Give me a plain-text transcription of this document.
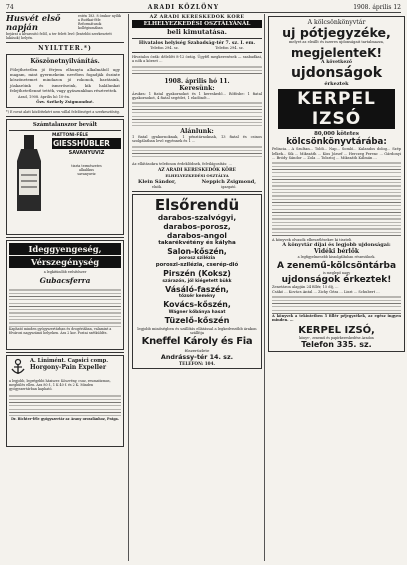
74	ARADI KÖZLÖNY	1908. április 12
Husvét első napján
estén 183. 8 órakor nyílik a Ruttkai-féle Reformátusok kollégiumában
bejárat a klvarositó felől, a ter felett levő (lentebbi szerkesztett lakások) helyén.
NYILTTER.*)
Köszönetnyilvánítás.
Fölejthetetlen jó férjem elhunyta alkalmából ugy magam, mint gyermekeim nevében fogadják őszinte köszönetemet mindazon jó rokonok, barátaink, jóakaróink és ismerőseink, kik halálunkat felejthetetlenné tették, vagy gyászunkban résztvettek.
Arad, 1908. április hó 10-én.
Özv. Székely Zsigmondné.
*) E rovat alatt közlöttekért nem vállal felelősséget a szerkesztőség.
Számtalanszor bevált
MATTONI-FÉLE
GIESSHÜBLER
SAVANYUVIZ
tiszta természetes
alkalikus
savanyuviz
Ideggyengeség,
Vérszegénység
a legkitünőbb erősítőszer
Gubacsferra
Kapható minden gyógyszertárban és drogériában, valamint a fővárosi nagyszámú helyeken. Ára 2 kor. Postai szétküldés.
A. Linimént. Capsici comp.
Horgony-Pain Expeller
a legjobb, legrégebbi háziszer. Köszvény, csuz, reumatizmus, meghülés ellen. Ára 80 f., 1 K 40 f. és 2 K. Minden gyógyszertárban kapható.
Dr. Richter-féle gyógyszertár az Arany oroszlánhoz, Prága.
AZ ARADI KERESKEDŐK KÖRE
ELHELYEZKEDÉSI OSZTÁLYÁNÁL
beli kimutatása.
Hivatalos helyiség Szabadság-tér 7. sz. I. em.
Telefon 294. sz.	Telefon 294. sz.
Hivatalos órák: délelőtt 8-12 óráig. Ügyfél megkeresések — szabadkai, a nők a körzet ...
1908. április hó 11.
Keresünk:
Árukra: 1 fiatal gyakornokot és 1 kereskedő... Rőfösbe: 1 fiatal gyakornokot, 4 fiatal segédet, 1 eladónőt...
Alánlunk:
1 fiatal gyakornoknak, 1 pénztárnoknak, 13 fiatal és csinos szolgálatban levő egyénnek és 1 ...
Az ellátásokra telefonon érdeklődnek, felvilágosítás: ...
AZ ARADI KERESKEDŐK KÖRE
ELHELYEZKEDÉSI OSZTÁLYA
Klein Sándor,
elnök.
Neppich Zsigmond,
igazgató.
Elsőrendü
darabos-szalvógyi,
darabos-porosz,
darabos-angol
takarékvétény és kályha
Salon-kőszén,
porosz szilézia
poroszi-szilézia, cserép-dió
Pirszén (Koksz)
szárazón, jól kiégetett bükk
Vásáló-faszén,
tőzsér kemény
Kovács-kőszén,
Wágner kőbánya hasat
Tüzelő-kőszén
legjobb minőségben és szállítás ellátással a legkedvezőbb árakon szállítja
Kneffel Károly és Fia
fűszerüzlete
Andrássy-tér 14. sz.
TELEFON: 104.
A kölcsönkönyvtár
uj pótjegyzéke,
melyet az eleállt és iszeres ujdonságait tartalmazza,
megjelenteK!
A következő
ujdonságok
érkeztek
KERPEL IZSÓ
80,000 kötetes
kölcsönkönyvtárába:
Pelincia... A Szultan... Toldi... Nap... Somló... Kalandos dolog... Szép lelkek... Sik ... Mikszáth ... Kiss József ... Herczeg Ferenc ... Gárdonyi ... Bródy Sándor ... Zola ... Tolsztoj ... Mikszáth Kálmán ...
A könyvek olvasók elbeszélésekre ki tiszteli
A könyvtár díjai és legjobb ujdonságai:
Vidéki bérlők
a legfigyelmesebb kiszolgálásban részesülnek.
A zenemű-kölcsöntárba
is meglepő nagy
ujdonságok érkeztek!
Zenetáron alapján 24 fillér, 15 díj, ...
Csákó ... Kovács Antal ... Zichy Géza ... Liszt ... Schubert ...
A könyvek a tekintetben 5 fillér péjegyzékek, az egész ingyen minden. ...
KERPEL IZSÓ,
könyv-, zenemű és papírkereskedése Aradon
Telefon 335. sz.
